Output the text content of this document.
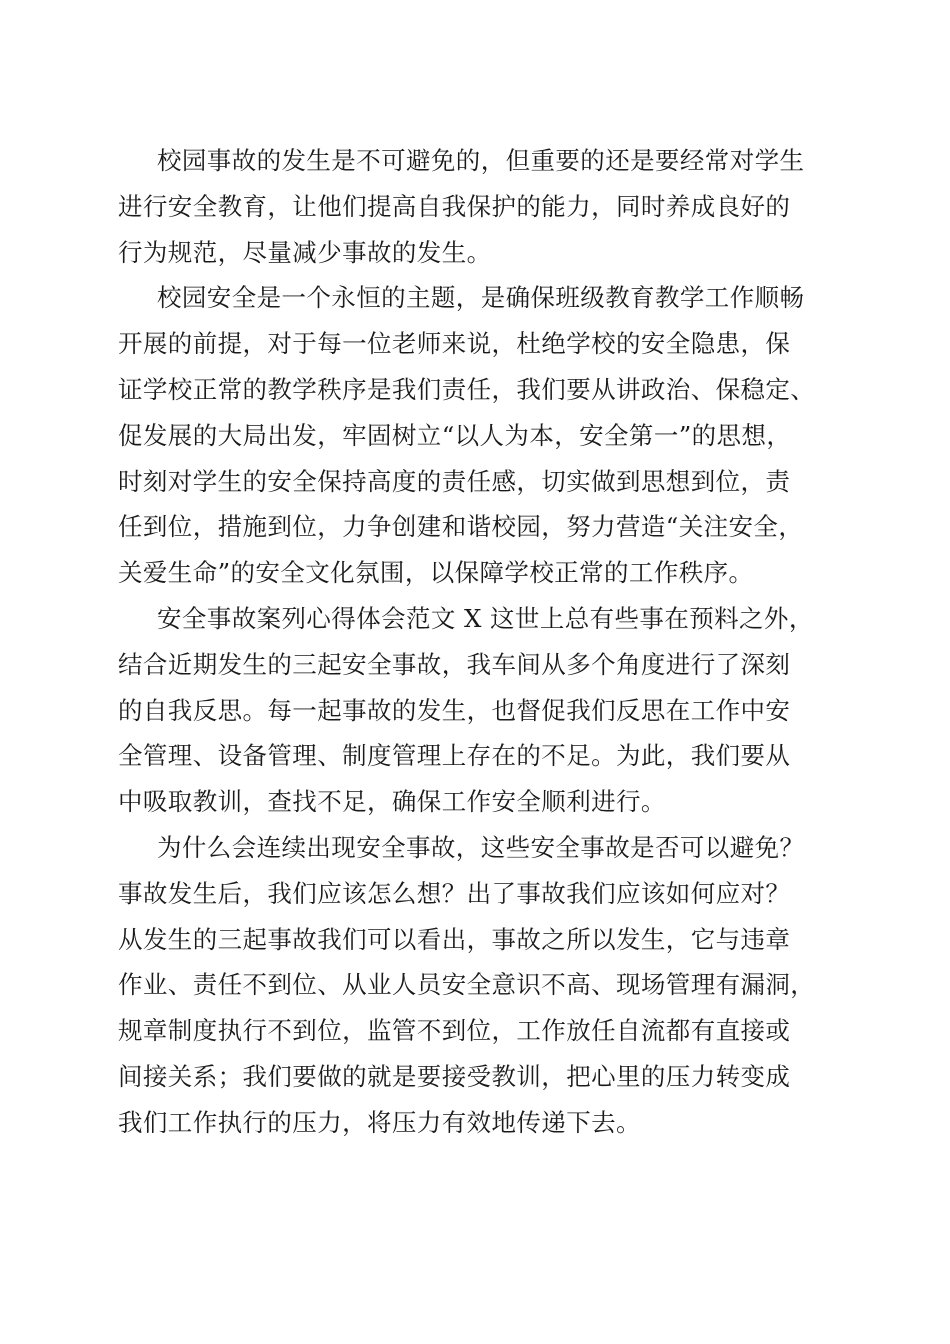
校园事故的发生是不可避免的，但重要的还是要经常对学生
进行安全教育，让他们提高自我保护的能力，同时养成良好的
行为规范，尽量减少事故的发生。

校园安全是一个永恒的主题，是确保班级教育教学工作顺畅
开展的前提，对于每一位老师来说，杜绝学校的安全隐患，保
证学校正常的教学秩序是我们责任，我们要从讲政治、保稳定、
促发展的大局出发，牢固树立“以人为本，安全第一”的思想，
时刻对学生的安全保持高度的责任感，切实做到思想到位，责
任到位，措施到位，力争创建和谐校园，努力营造“关注安全，
关爱生命”的安全文化氛围，以保障学校正常的工作秩序。

安全事故案列心得体会范文 X 这世上总有些事在预料之外，
结合近期发生的三起安全事故，我车间从多个角度进行了深刻
的自我反思。每一起事故的发生，也督促我们反思在工作中安
全管理、设备管理、制度管理上存在的不足。为此，我们要从
中吸取教训，查找不足，确保工作安全顺利进行。

为什么会连续出现安全事故，这些安全事故是否可以避免？
事故发生后，我们应该怎么想？出了事故我们应该如何应对？
从发生的三起事故我们可以看出，事故之所以发生，它与违章
作业、责任不到位、从业人员安全意识不高、现场管理有漏洞，
规章制度执行不到位，监管不到位，工作放任自流都有直接或
间接关系；我们要做的就是要接受教训，把心里的压力转变成
我们工作执行的压力，将压力有效地传递下去。
